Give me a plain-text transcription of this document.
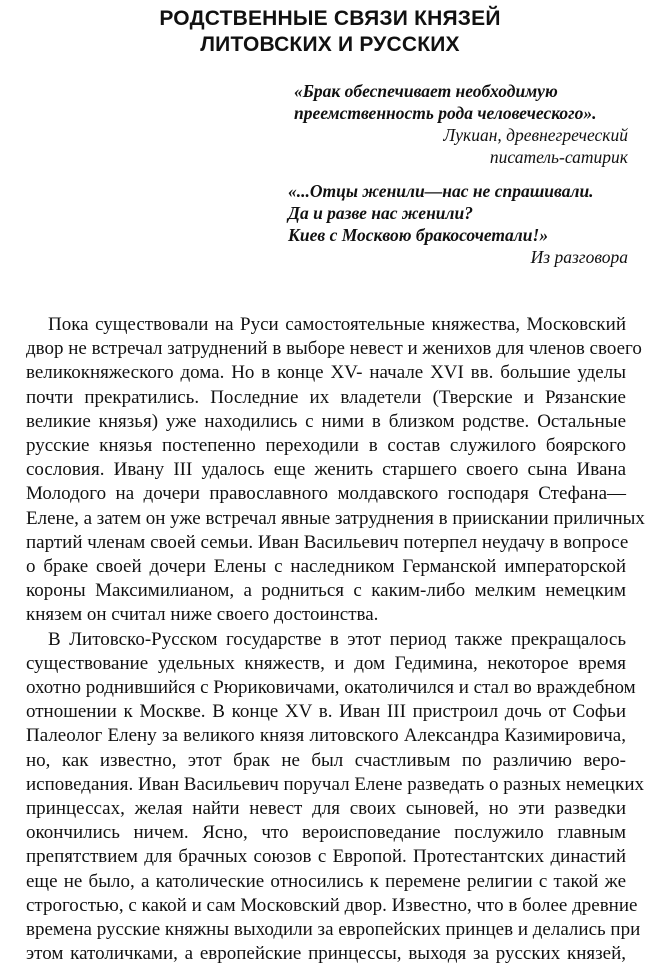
РОДСТВЕННЫЕ СВЯЗИ КНЯЗЕЙ
ЛИТОВСКИХ И РУССКИХ
«Брак обеспечивает необходимую
преемственность рода человеческого».
Лукиан, древнегреческий
писатель-сатирик
«...Отцы женили—нас не спрашивали.
Да и разве нас женили?
Киев с Москвою бракосочетали!»
Из разговора
Пока существовали на Руси самостоятельные княжества, Московский
двор не встречал затруднений в выборе невест и женихов для членов своего
великокняжеского дома. Но в конце XV- начале XVI вв. большие уделы
почти прекратились. Последние их владетели (Тверские и Рязанские
великие князья) уже находились с ними в близком родстве. Остальные
русские князья постепенно переходили в состав служилого боярского
сословия. Ивану III удалось еще женить старшего своего сына Ивана
Молодого на дочери православного молдавского господаря Стефана—
Елене, а затем он уже встречал явные затруднения в приискании приличных
партий членам своей семьи. Иван Васильевич потерпел неудачу в вопросе
о браке своей дочери Елены с наследником Германской императорской
короны Максимилианом, а родниться с каким-либо мелким немецким
князем он считал ниже своего достоинства.
В Литовско-Русском государстве в этот период также прекращалось
существование удельных княжеств, и дом Гедимина, некоторое время
охотно роднившийся с Рюриковичами, окатоличился и стал во враждебном
отношении к Москве. В конце XV в. Иван III пристроил дочь от Софьи
Палеолог Елену за великого князя литовского Александра Казимировича,
но, как известно, этот брак не был счастливым по различию веро-
исповедания. Иван Васильевич поручал Елене разведать о разных немецких
принцессах, желая найти невест для своих сыновей, но эти разведки
окончились ничем. Ясно, что вероисповедание послужило главным
препятствием для брачных союзов с Европой. Протестантских династий
еще не было, а католические относились к перемене религии с такой же
строгостью, с какой и сам Московский двор. Известно, что в более древние
времена русские княжны выходили за европейских принцев и делались при
этом католичками, а европейские принцессы, выходя за русских князей,
